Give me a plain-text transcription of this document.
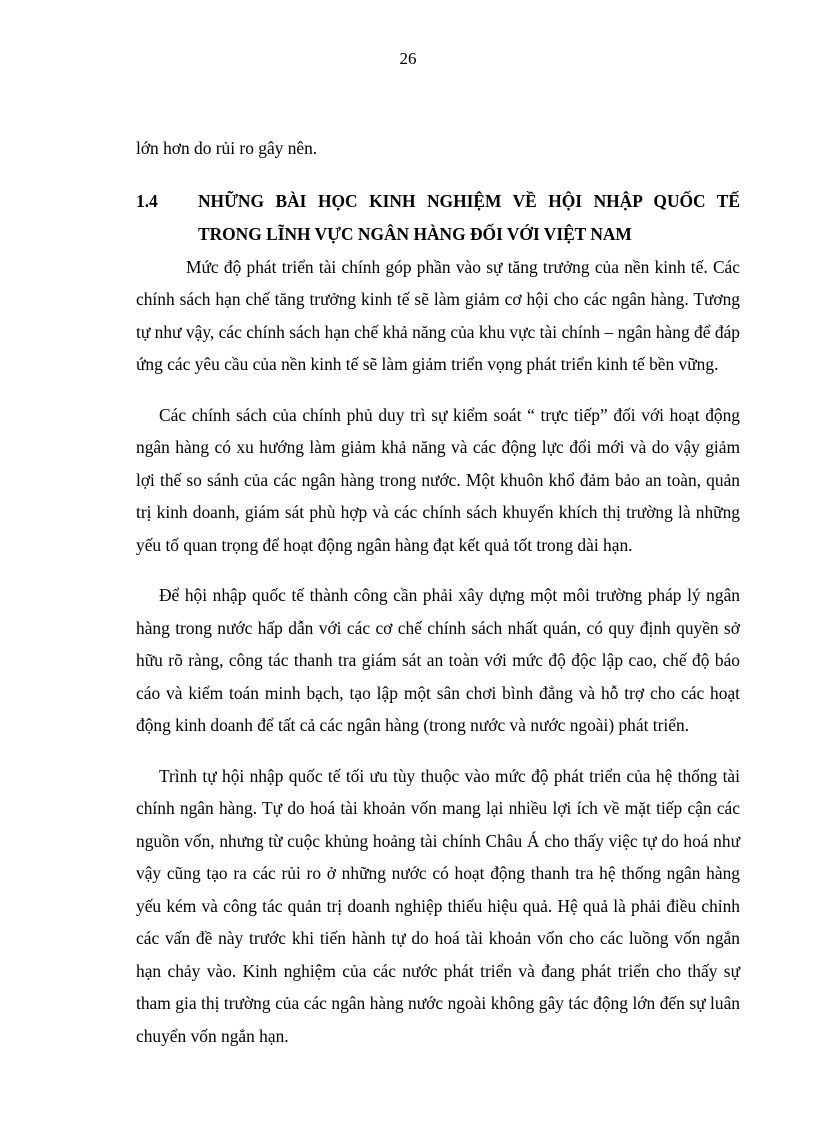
26

lớn hơn do rủi ro gây nên.

1.4	NHỮNG BÀI HỌC KINH NGHIỆM VỀ HỘI NHẬP QUỐC TẾ TRONG LĨNH VỰC NGÂN HÀNG ĐỐI VỚI VIỆT NAM

Mức độ phát triển tài chính góp phần vào sự tăng trưởng của nền kinh tế. Các chính sách hạn chế tăng trưởng kinh tế sẽ làm giảm cơ hội cho các ngân hàng. Tương tự như vậy, các chính sách hạn chế khả năng của khu vực tài chính – ngân hàng để đáp ứng các yêu cầu của nền kinh tế sẽ làm giảm triển vọng phát triển kinh tế bền vững.

Các chính sách của chính phủ duy trì sự kiểm soát “ trực tiếp” đối với hoạt động ngân hàng có xu hướng làm giảm khả năng và các động lực đổi mới và do vậy giảm lợi thế so sánh của các ngân hàng trong nước. Một khuôn khổ đảm bảo an toàn, quản trị kinh doanh, giám sát phù hợp và các chính sách khuyến khích thị trường là những yếu tố quan trọng để hoạt động ngân hàng đạt kết quả tốt trong dài hạn.

Để hội nhập quốc tế thành công cần phải xây dựng một môi trường pháp lý ngân hàng trong nước hấp dẫn với các cơ chế chính sách nhất quán, có quy định quyền sở hữu rõ ràng, công tác thanh tra giám sát an toàn với mức độ độc lập cao, chế độ báo cáo và kiểm toán minh bạch, tạo lập một sân chơi bình đẳng và hỗ trợ cho các hoạt động kinh doanh để tất cả các ngân hàng (trong nước và nước ngoài) phát triển.

Trình tự hội nhập quốc tế tối ưu tùy thuộc vào mức độ phát triển của hệ thống tài chính ngân hàng. Tự do hoá tài khoản vốn mang lại nhiều lợi ích về mặt tiếp cận các nguồn vốn, nhưng từ cuộc khủng hoảng tài chính Châu Á cho thấy việc tự do hoá như vậy cũng tạo ra các rủi ro ở những nước có hoạt động thanh tra hệ thống ngân hàng yếu kém và công tác quản trị doanh nghiệp thiếu hiệu quả. Hệ quả là phải điều chỉnh các vấn đề này trước khi tiến hành tự do hoá tài khoản vốn cho các luồng vốn ngắn hạn chảy vào. Kinh nghiệm của các nước phát triển và đang phát triển cho thấy sự tham gia thị trường của các ngân hàng nước ngoài không gây tác động lớn đến sự luân chuyển vốn ngắn hạn.
